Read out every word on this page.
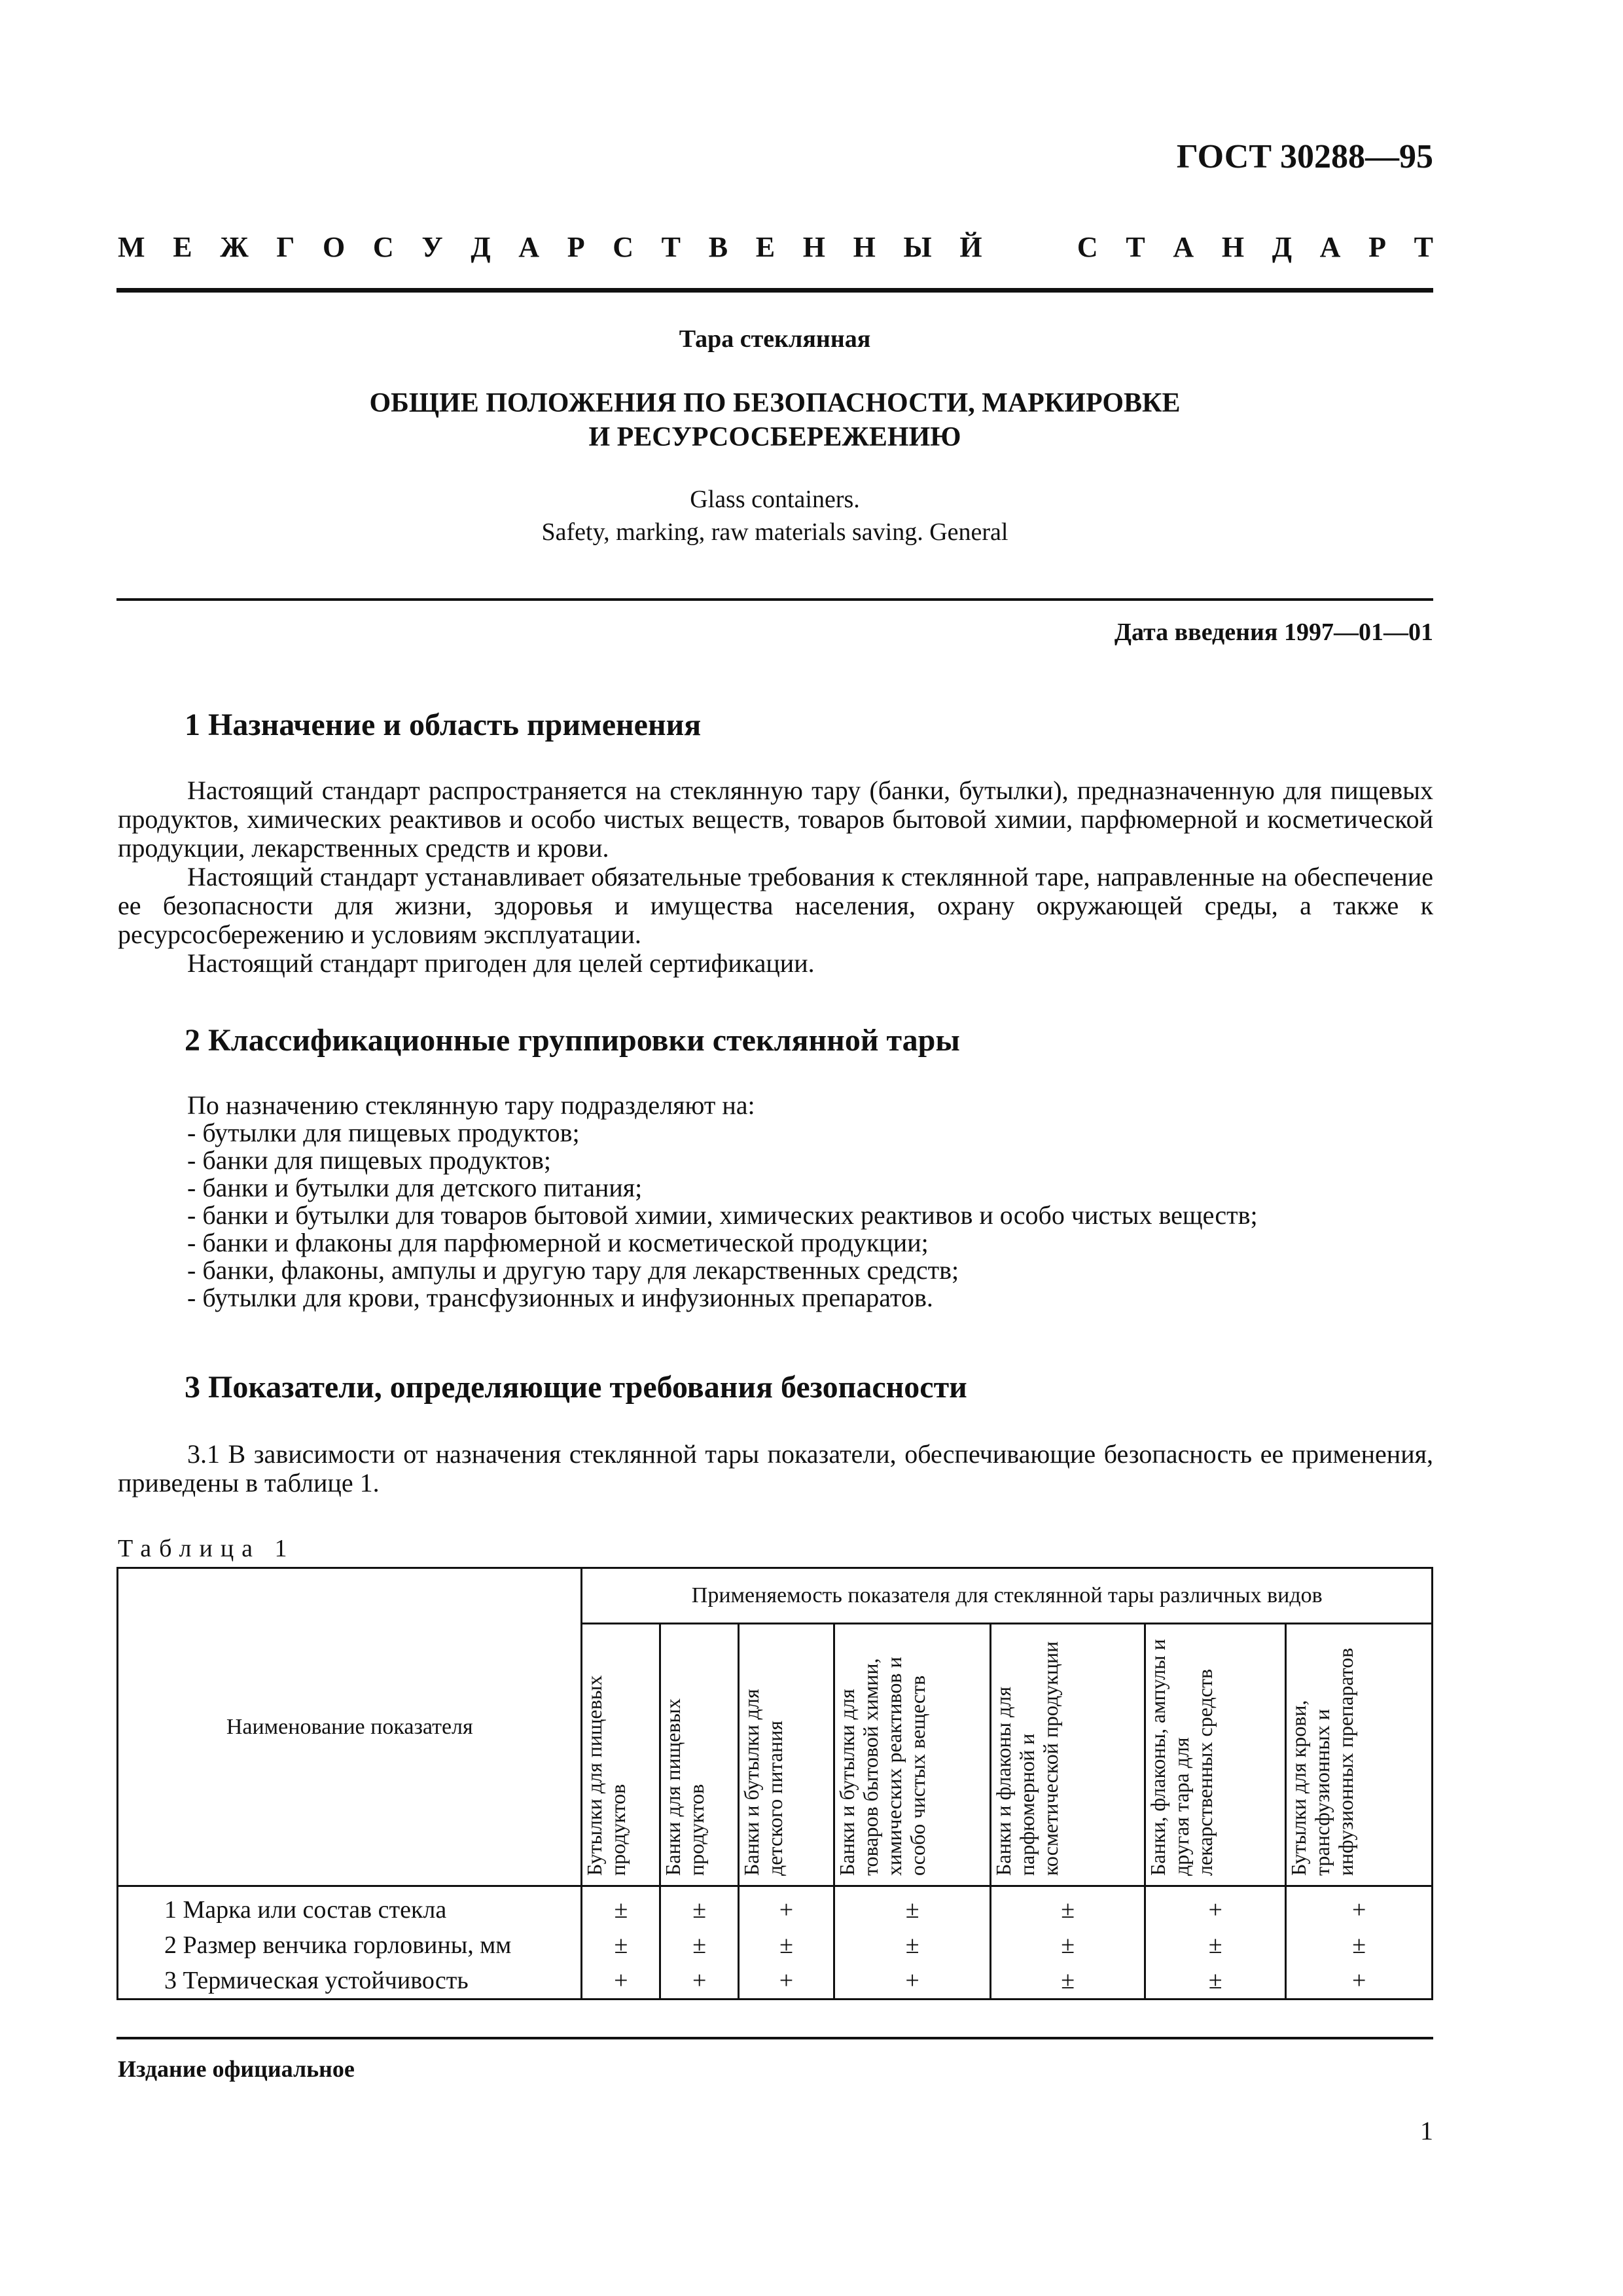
ГОСТ 30288—95
М Е Ж Г О С У Д А Р С Т В Е Н Н Ы Й	С Т А Н Д А Р Т
Тара стеклянная
ОБЩИЕ ПОЛОЖЕНИЯ ПО БЕЗОПАСНОСТИ, МАРКИРОВКЕ
И РЕСУРСОСБЕРЕЖЕНИЮ
Glass containers.
Safety, marking, raw materials saving. General
Дата введения 1997—01—01
1 Назначение и область применения

Настоящий стандарт распространяется на стеклянную тару (банки, бутылки), предназначенную для пищевых продуктов, химических реактивов и особо чистых веществ, товаров бытовой химии, парфюмерной и косметической продукции, лекарственных средств и крови.

Настоящий стандарт устанавливает обязательные требования к стеклянной таре, направленные на обеспечение ее безопасности для жизни, здоровья и имущества населения, охрану окружающей среды, а также к ресурсосбережению и условиям эксплуатации.

Настоящий стандарт пригоден для целей сертификации.

2 Классификационные группировки стеклянной тары
По назначению стеклянную тару подразделяют на:
- бутылки для пищевых продуктов;
- банки для пищевых продуктов;
- банки и бутылки для детского питания;
- банки и бутылки для товаров бытовой химии, химических реактивов и особо чистых веществ;
- банки и флаконы для парфюмерной и косметической продукции;
- банки, флаконы, ампулы и другую тару для лекарственных средств;
- бутылки для крови, трансфузионных и инфузионных препаратов.
3 Показатели, определяющие требования безопасности

3.1 В зависимости от назначения стеклянной тары показатели, обеспечивающие безопасность ее применения, приведены в таблице 1.

Таблица 1
Наименование показателя	Применяемость показателя для стеклянной тары различных видов						

	Бутылки для пищевых продуктов	Банки для пищевых продуктов	Банки и бутылки для детского питания	Банки и бутылки для товаров бытовой химии, химических реактивов и особо чистых веществ	Банки и флаконы для парфюмерной и косметической продукции	Банки, флаконы, ампулы и другая тара для лекарственных средств	Бутылки для крови, трансфузионных и инфузионных препаратов

1 Марка или состав стекла	±	±	+	±	±	+	+
2 Размер венчика горловины, мм	±	±	±	±	±	±	±
3 Термическая устойчивость	+	+	+	+	±	±	+
Издание официальное
1
